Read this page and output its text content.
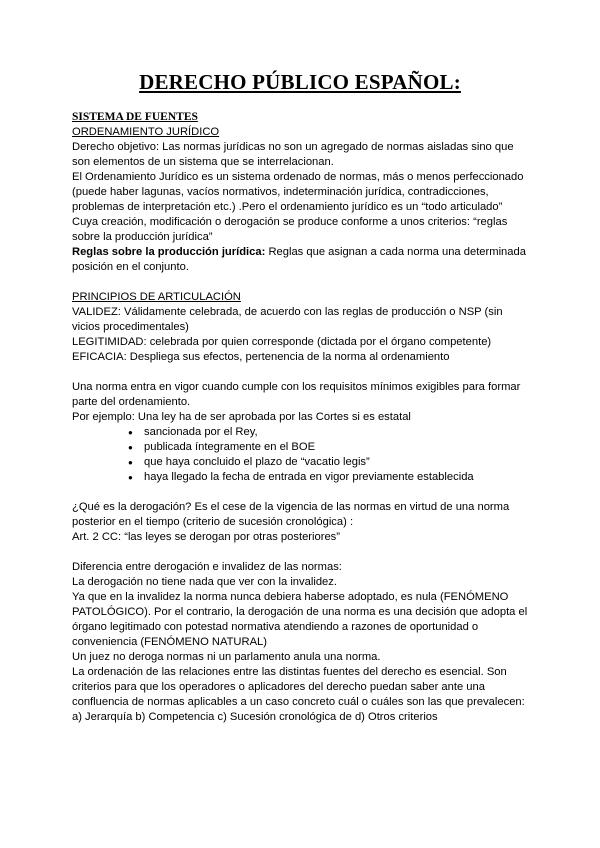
DERECHO PÚBLICO ESPAÑOL:

SISTEMA DE FUENTES

ORDENAMIENTO JURÍDICO

Derecho objetivo: Las normas jurídicas no son un agregado de normas aisladas sino que

son elementos de un sistema que se interrelacionan.

El Ordenamiento Jurídico es un sistema ordenado de normas, más o menos perfeccionado

(puede haber lagunas, vacíos normativos, indeterminación jurídica, contradicciones,

problemas de interpretación etc.) .Pero el ordenamiento jurídico es un “todo articulado”

Cuya creación, modificación o derogación se produce conforme a unos criterios: “reglas

sobre la producción jurídica”

Reglas sobre la producción jurídica: Reglas que asignan a cada norma una determinada

posición en el conjunto.

PRINCIPIOS DE ARTICULACIÓN

VALIDEZ: Válidamente celebrada, de acuerdo con las reglas de producción o NSP (sin

vicios procedimentales)

LEGITIMIDAD: celebrada por quien corresponde (dictada por el órgano competente)

EFICACIA: Despliega sus efectos, pertenencia de la norma al ordenamiento

Una norma entra en vigor cuando cumple con los requisitos mínimos exigibles para formar

parte del ordenamiento.

Por ejemplo: Una ley ha de ser aprobada por las Cortes si es estatal

● sancionada por el Rey,
● publicada íntegramente en el BOE
● que haya concluido el plazo de “vacatio legis”
● haya llegado la fecha de entrada en vigor previamente establecida

¿Qué es la derogación? Es el cese de la vigencia de las normas en virtud de una norma

posterior en el tiempo (criterio de sucesión cronológica) :

Art. 2 CC: “las leyes se derogan por otras posteriores”

Diferencia entre derogación e invalidez de las normas:

La derogación no tiene nada que ver con la invalidez.

Ya que en la invalidez la norma nunca debiera haberse adoptado, es nula (FENÓMENO

PATOLÓGICO). Por el contrario, la derogación de una norma es una decisión que adopta el

órgano legitimado con potestad normativa atendiendo a razones de oportunidad o

conveniencia (FENÓMENO NATURAL)

Un juez no deroga normas ni un parlamento anula una norma.

La ordenación de las relaciones entre las distintas fuentes del derecho es esencial. Son

criterios para que los operadores o aplicadores del derecho puedan saber ante una

confluencia de normas aplicables a un caso concreto cuál o cuáles son las que prevalecen:

a) Jerarquía b) Competencia c) Sucesión cronológica de d) Otros criterios
